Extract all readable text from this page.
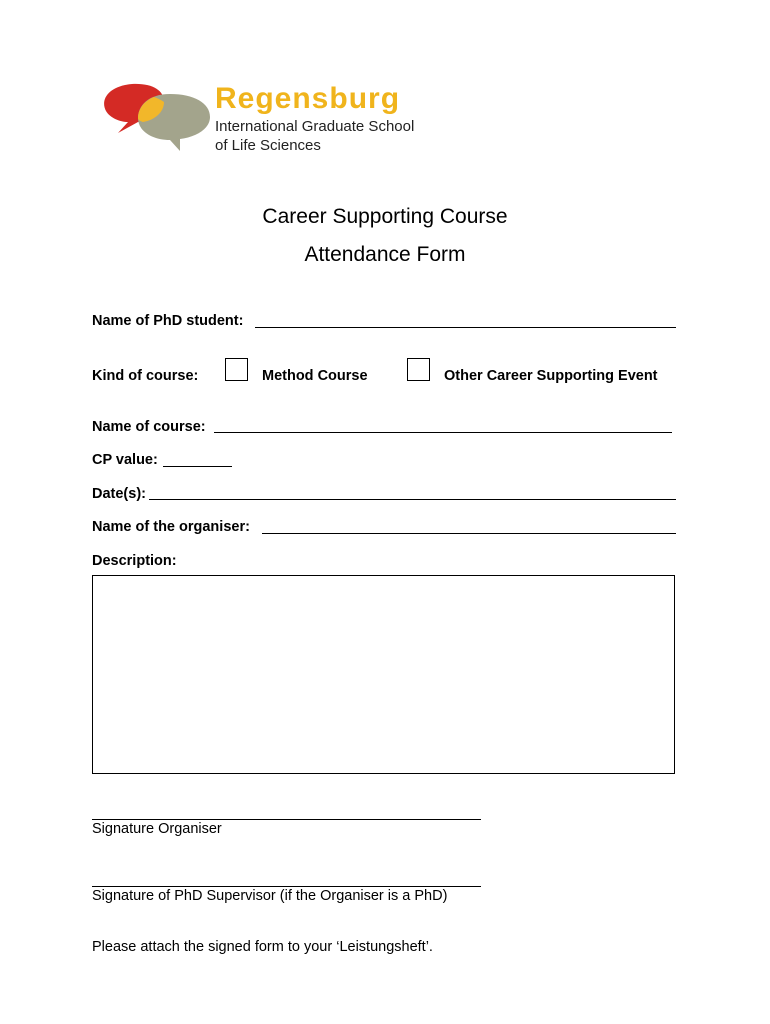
Regensburg
International Graduate School
of Life Sciences
Career Supporting Course
Attendance Form
Name of PhD student:
Kind of course:	Method Course	Other Career Supporting Event
Name of course:
CP value:
Date(s):
Name of the organiser:
Description:
Signature Organiser
Signature of PhD Supervisor (if the Organiser is a PhD)
Please attach the signed form to your ‘Leistungsheft’.
